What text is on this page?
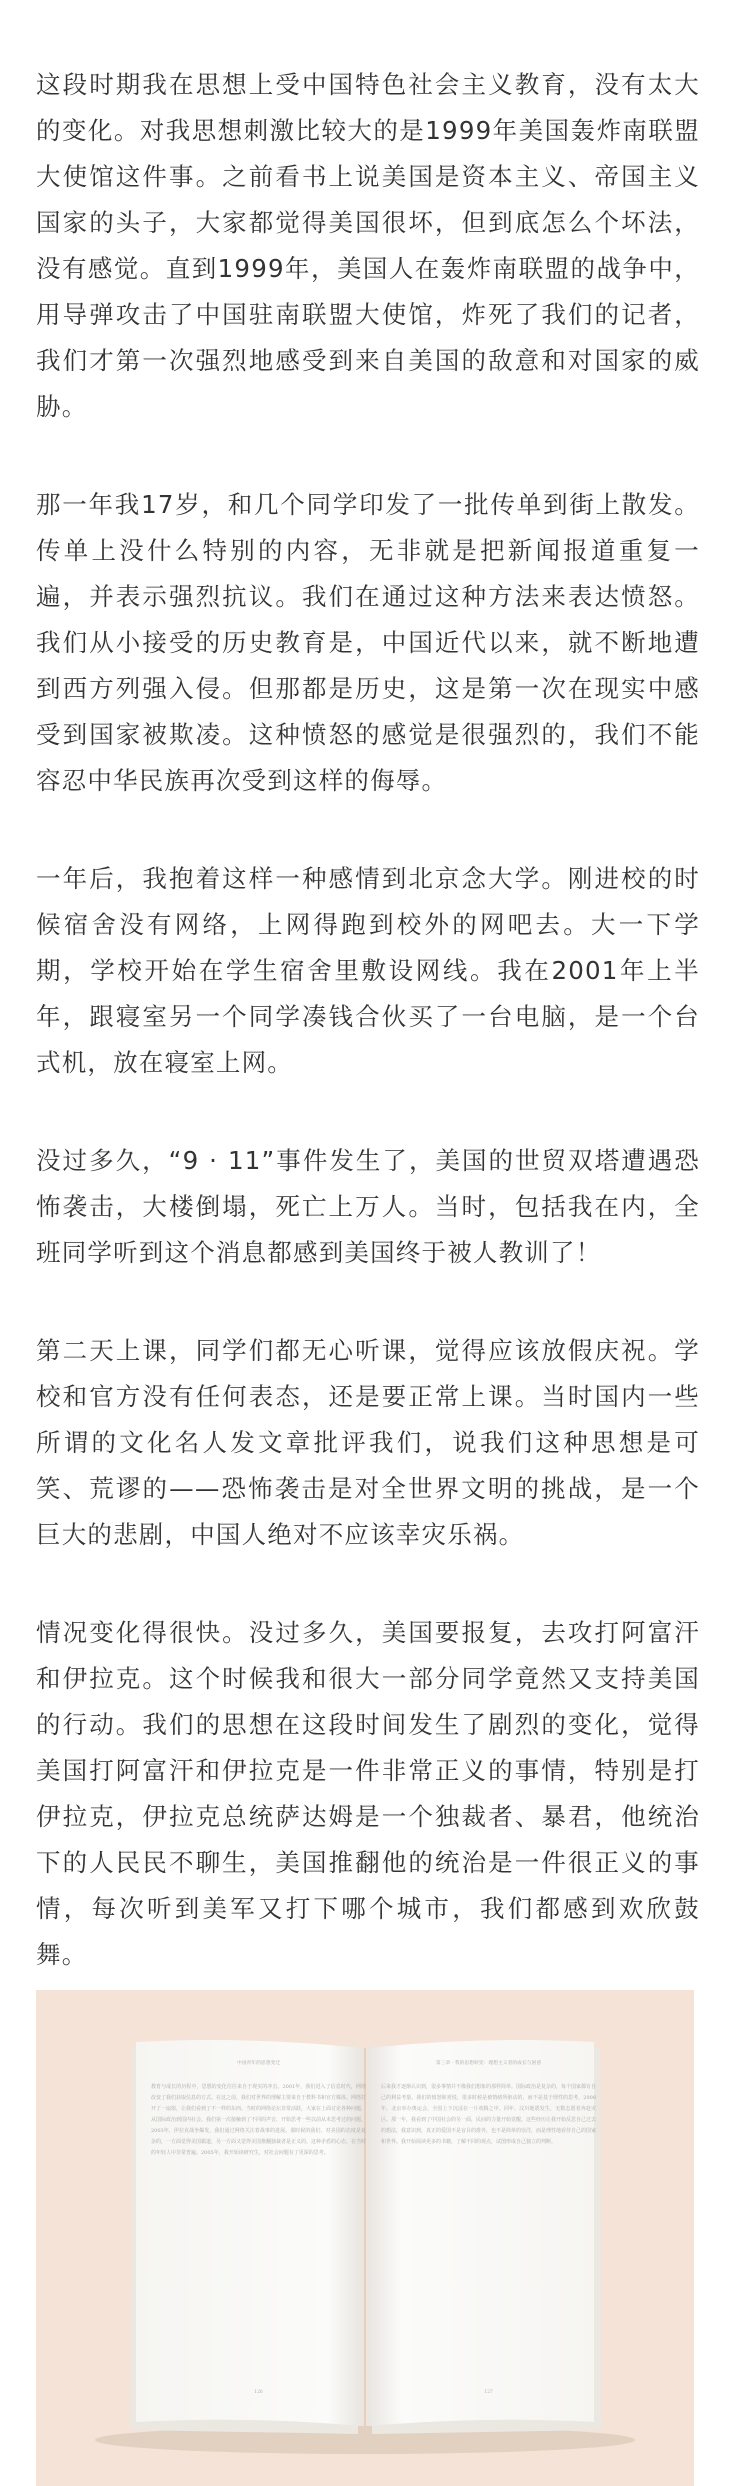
这段时期我在思想上受中国特色社会主义教育，没有太大的变化。对我思想刺激比较大的是1999年美国轰炸南联盟大使馆这件事。之前看书上说美国是资本主义、帝国主义国家的头子，大家都觉得美国很坏，但到底怎么个坏法，没有感觉。直到1999年，美国人在轰炸南联盟的战争中，用导弹攻击了中国驻南联盟大使馆，炸死了我们的记者，我们才第一次强烈地感受到来自美国的敌意和对国家的威胁。

那一年我17岁，和几个同学印发了一批传单到街上散发。传单上没什么特别的内容，无非就是把新闻报道重复一遍，并表示强烈抗议。我们在通过这种方法来表达愤怒。我们从小接受的历史教育是，中国近代以来，就不断地遭到西方列强入侵。但那都是历史，这是第一次在现实中感受到国家被欺凌。这种愤怒的感觉是很强烈的，我们不能容忍中华民族再次受到这样的侮辱。

一年后，我抱着这样一种感情到北京念大学。刚进校的时候宿舍没有网络，上网得跑到校外的网吧去。大一下学期，学校开始在学生宿舍里敷设网线。我在2001年上半年，跟寝室另一个同学凑钱合伙买了一台电脑，是一个台式机，放在寝室上网。

没过多久，“9 · 11”事件发生了，美国的世贸双塔遭遇恐怖袭击，大楼倒塌，死亡上万人。当时，包括我在内，全班同学听到这个消息都感到美国终于被人教训了！

第二天上课，同学们都无心听课，觉得应该放假庆祝。学校和官方没有任何表态，还是要正常上课。当时国内一些所谓的文化名人发文章批评我们，说我们这种思想是可笑、荒谬的——恐怖袭击是对全世界文明的挑战，是一个巨大的悲剧，中国人绝对不应该幸灾乐祸。

情况变化得很快。没过多久，美国要报复，去攻打阿富汗和伊拉克。这个时候我和很大一部分同学竟然又支持美国的行动。我们的思想在这段时间发生了剧烈的变化，觉得美国打阿富汗和伊拉克是一件非常正义的事情，特别是打伊拉克，伊拉克总统萨达姆是一个独裁者、暴君，他统治下的人民民不聊生，美国推翻他的统治是一件很正义的事情，每次听到美军又打下哪个城市，我们都感到欢欣鼓舞。

中国青年的思想变迁
教育与成长的历程中，思想的变化往往来自于现实的冲击。2001年，我们进入了信息时代，网络改变了我们获取信息的方式。在这之前，我们对世界的理解主要来自于教科书和官方媒体。网络打开了一扇窗，让我们看到了不一样的东西。当时的网络论坛非常活跃，大家在上面讨论各种问题，从国际政治到国内社会。我们第一次接触到了不同的声音，开始思考一些以前从未思考过的问题。2003年，伊拉克战争爆发，我们通过网络关注着战事的进展。那时候的我们，对美国的态度是复杂的，一方面觉得美国霸道，另一方面又觉得美国推翻独裁者是正义的。这种矛盾的心态，在当时的年轻人中非常普遍。2005年，我开始读研究生，对社会问题有了更深的思考。
126
第三章 · 我的思想转变：理想主义者的成长与困惑
后来我才逐渐认识到，很多事情并不像我们想象的那样简单。国际政治是复杂的，每个国家都有自己的利益考量。我们的愤怒和喜悦，很多时候是被情绪所驱动的，而不是基于理性的思考。2008年，北京举办奥运会，全国上下沉浸在一片欢腾之中。同年，汶川地震发生，无数志愿者奔赴灾区。那一年，我看到了中国社会的另一面，民间的力量开始觉醒。这些经历让我开始反思自己过去的想法，我意识到，真正的爱国不是盲目的排外，也不是简单的崇洋，而是理性地看待自己的国家和世界。我开始阅读更多的书籍，了解不同的观点，试图形成自己独立的判断。
127
